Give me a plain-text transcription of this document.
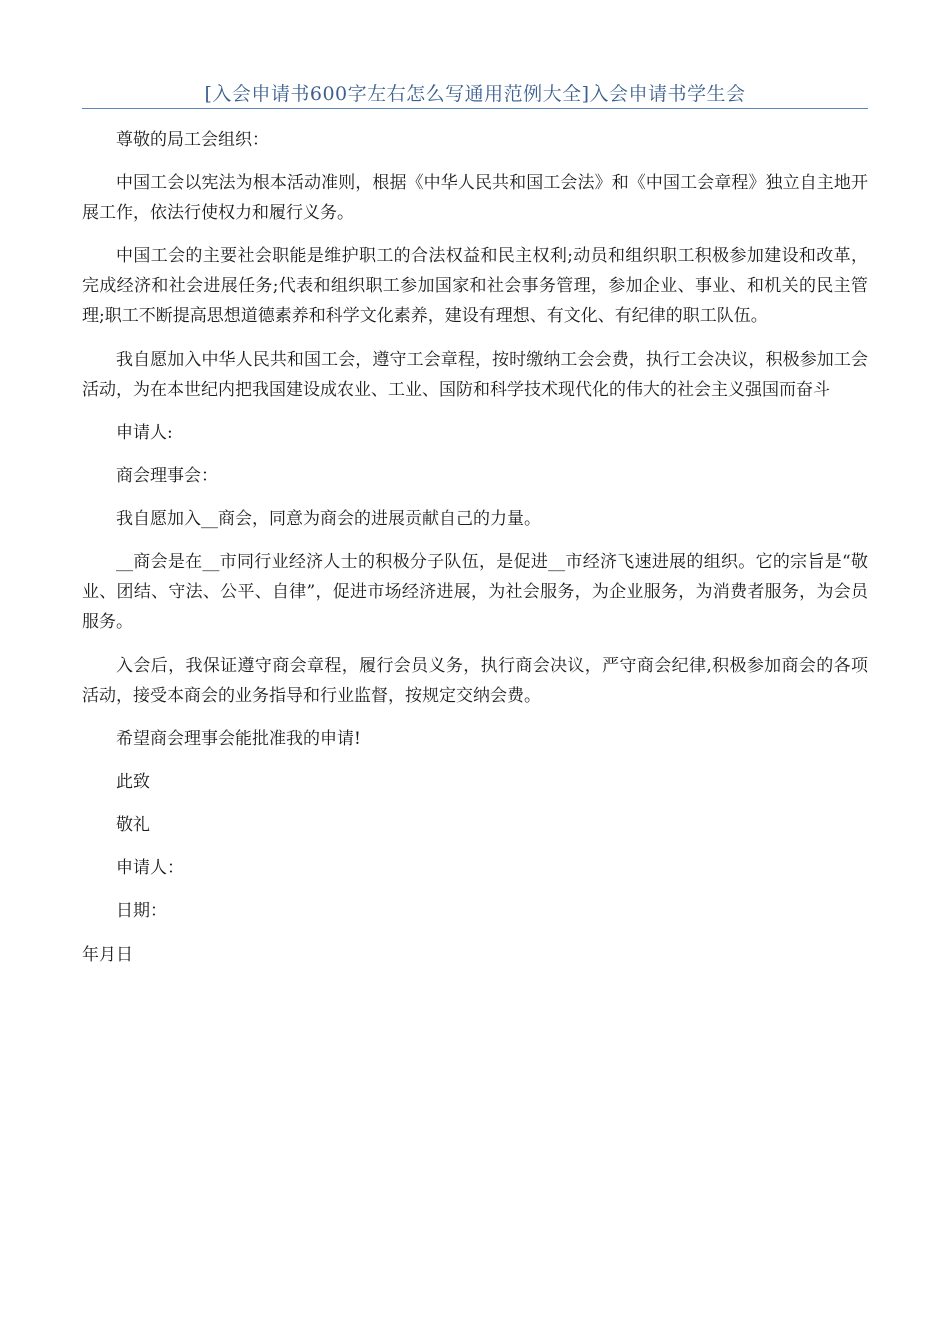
[入会申请书600字左右怎么写通用范例大全]入会申请书学生会

尊敬的局工会组织：

中国工会以宪法为根本活动准则，根据《中华人民共和国工会法》和《中国工会章程》独立自主地开展工作，依法行使权力和履行义务。

中国工会的主要社会职能是维护职工的合法权益和民主权利;动员和组织职工积极参加建设和改革，完成经济和社会进展任务;代表和组织职工参加国家和社会事务管理，参加企业、事业、和机关的民主管理;职工不断提高思想道德素养和科学文化素养，建设有理想、有文化、有纪律的职工队伍。

我自愿加入中华人民共和国工会，遵守工会章程，按时缴纳工会会费，执行工会决议，积极参加工会活动，为在本世纪内把我国建设成农业、工业、国防和科学技术现代化的伟大的社会主义强国而奋斗

申请人:

商会理事会：

我自愿加入__商会，同意为商会的进展贡献自己的力量。

__商会是在__市同行业经济人士的积极分子队伍，是促进__市经济飞速进展的组织。它的宗旨是“敬业、团结、守法、公平、自律”，促进市场经济进展，为社会服务，为企业服务，为消费者服务，为会员服务。

入会后，我保证遵守商会章程，履行会员义务，执行商会决议，严守商会纪律,积极参加商会的各项活动，接受本商会的业务指导和行业监督，按规定交纳会费。

希望商会理事会能批准我的申请!

此致

敬礼

申请人：

日期：

年月日
